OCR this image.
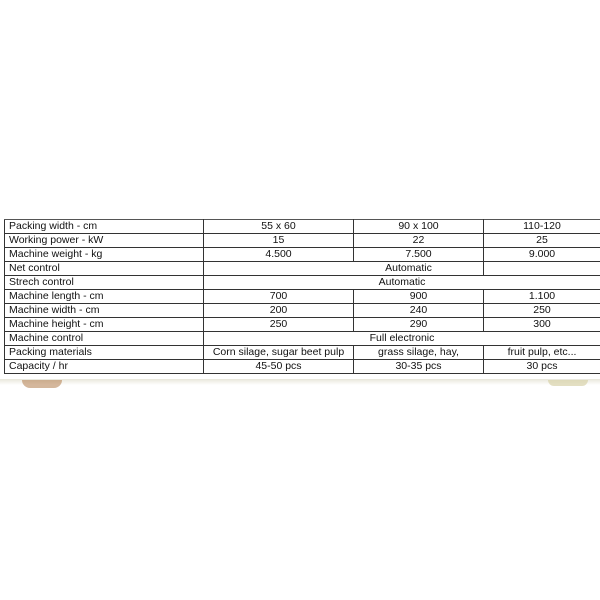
Packing width - cm	55 x 60	90 x 100	110-120
Working power - kW	15	22	25
Machine weight - kg	4.500	7.500	9.000
Net control	Automatic		
Strech control	Automatic		
Machine length - cm	700	900	1.100
Machine width - cm	200	240	250
Machine height - cm	250	290	300
Machine control	Full electronic		
Packing materials	Corn silage, sugar beet pulp	grass silage, hay,	fruit pulp, etc...
Capacity / hr	45-50 pcs	30-35 pcs	30 pcs
